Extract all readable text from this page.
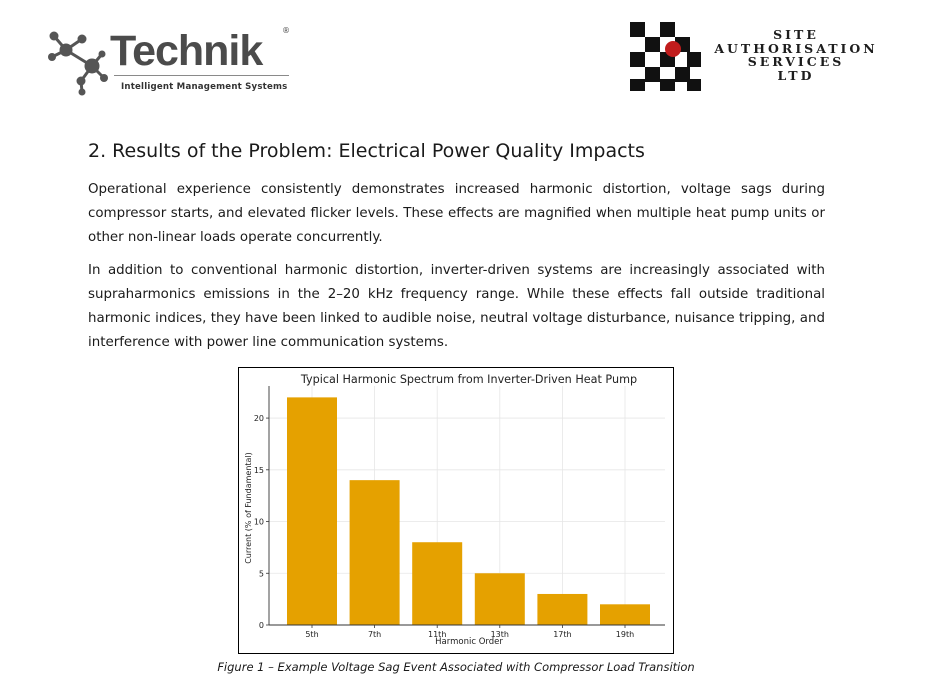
Technik ®
Intelligent Management Systems
SITE
AUTHORISATION
SERVICES
LTD
2. Results of the Problem: Electrical Power Quality Impacts
Operational experience consistently demonstrates increased harmonic distortion, voltage sags during compressor starts, and elevated flicker levels. These effects are magnified when multiple heat pump units or other non-linear loads operate concurrently.
In addition to conventional harmonic distortion, inverter-driven systems are increasingly associated with supraharmonics emissions in the 2–20 kHz frequency range. While these effects fall outside traditional harmonic indices, they have been linked to audible noise, neutral voltage disturbance, nuisance tripping, and interference with power line communication systems.
Typical Harmonic Spectrum from Inverter-Driven Heat Pump
0
5
10
15
20
5th	7th	11th	13th	17th	19th
Harmonic Order
Current (% of Fundamental)
Figure 1 – Example Voltage Sag Event Associated with Compressor Load Transition
